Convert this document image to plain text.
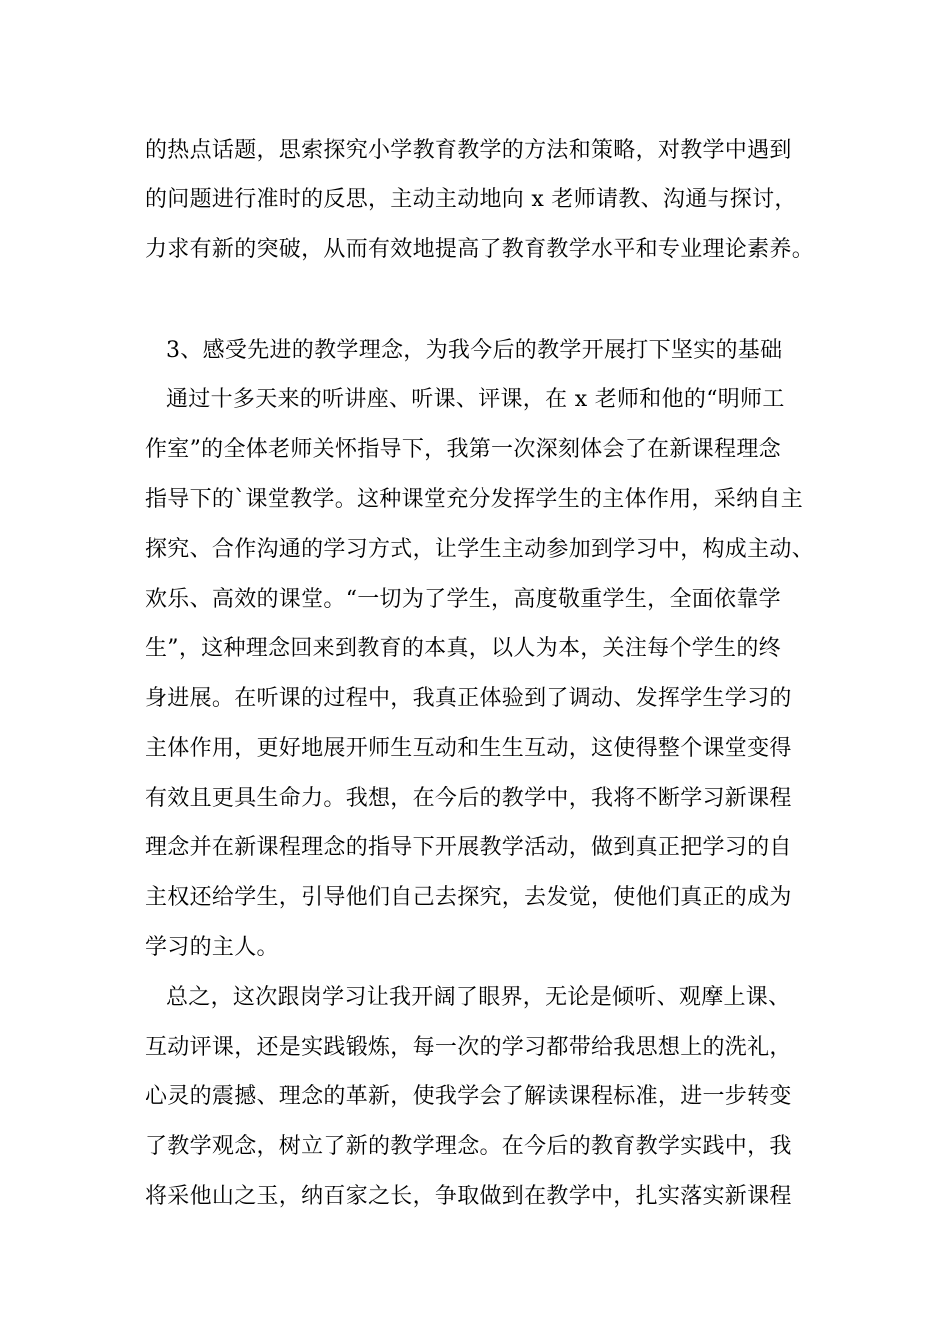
的热点话题，思索探究小学教育教学的方法和策略，对教学中遇到
的问题进行准时的反思，主动主动地向 x 老师请教、沟通与探讨，
力求有新的突破，从而有效地提高了教育教学水平和专业理论素养。
3、感受先进的教学理念，为我今后的教学开展打下坚实的基础
通过十多天来的听讲座、听课、评课，在 x 老师和他的“明师工
作室”的全体老师关怀指导下，我第一次深刻体会了在新课程理念
指导下的`课堂教学。这种课堂充分发挥学生的主体作用，采纳自主
探究、合作沟通的学习方式，让学生主动参加到学习中，构成主动、
欢乐、高效的课堂。“一切为了学生，高度敬重学生，全面依靠学
生”，这种理念回来到教育的本真，以人为本，关注每个学生的终
身进展。在听课的过程中，我真正体验到了调动、发挥学生学习的
主体作用，更好地展开师生互动和生生互动，这使得整个课堂变得
有效且更具生命力。我想，在今后的教学中，我将不断学习新课程
理念并在新课程理念的指导下开展教学活动，做到真正把学习的自
主权还给学生，引导他们自己去探究，去发觉，使他们真正的成为
学习的主人。
总之，这次跟岗学习让我开阔了眼界，无论是倾听、观摩上课、
互动评课，还是实践锻炼，每一次的学习都带给我思想上的洗礼，
心灵的震撼、理念的革新，使我学会了解读课程标准，进一步转变
了教学观念，树立了新的教学理念。在今后的教育教学实践中，我
将采他山之玉，纳百家之长，争取做到在教学中，扎实落实新课程
